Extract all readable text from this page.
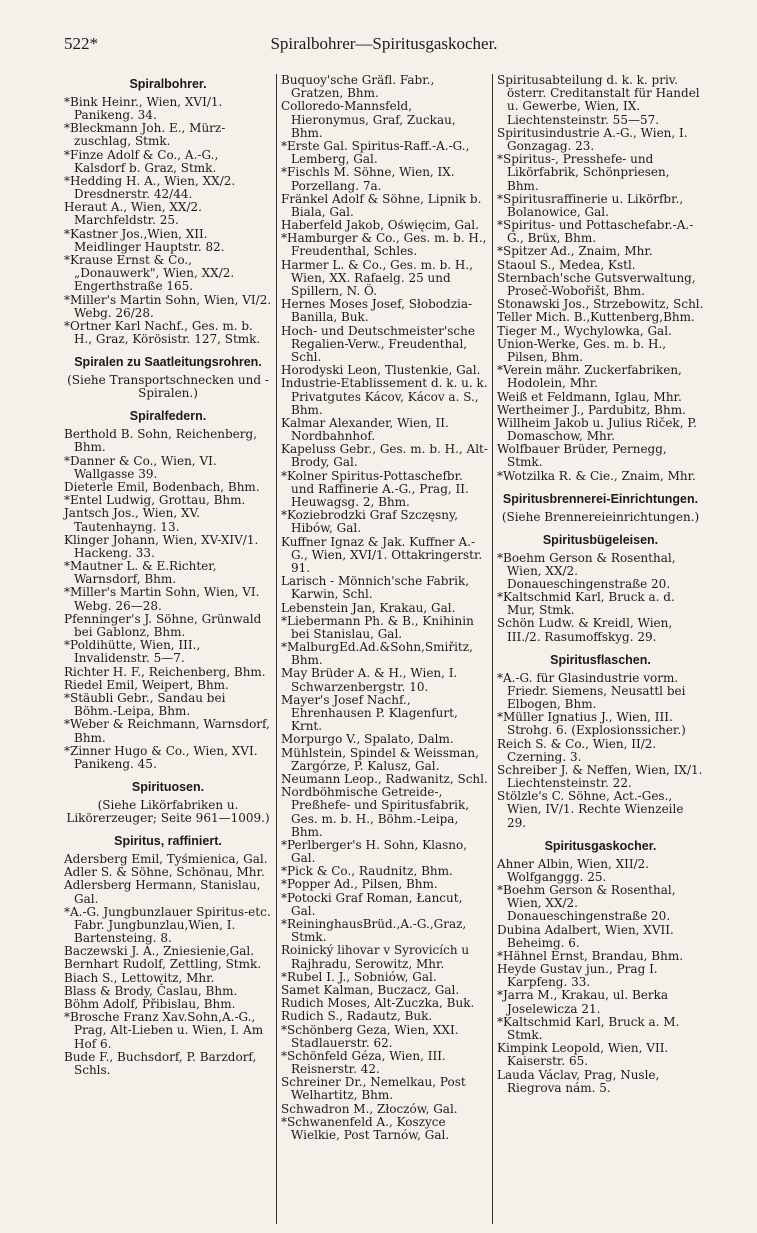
522*	Spiralbohrer—Spiritusgaskocher.

Spiralbohrer.

*Bink Heinr., Wien, XVI/1. Panikeng. 34.

*Bleckmann Joh. E., Mürz-zuschlag, Stmk.

*Finze Adolf & Co., A.-G., Kalsdorf b. Graz, Stmk.

*Hedding H. A., Wien, XX/2. Dresdnerstr. 42/44.

Heraut A., Wien, XX/2. Marchfeldstr. 25.

*Kastner Jos.,Wien, XII. Meidlinger Hauptstr. 82.

*Krause Ernst & Co., „Donauwerk", Wien, XX/2. Engerthstraße 165.

*Miller's Martin Sohn, Wien, VI/2. Webg. 26/28.

*Ortner Karl Nachf., Ges. m. b. H., Graz, Körösistr. 127, Stmk.

Spiralen zu Saatleitungsrohren.

(Siehe Transportschnecken und -Spiralen.)

Spiralfedern.

Berthold B. Sohn, Reichenberg, Bhm.

*Danner & Co., Wien, VI. Wallgasse 39.

Dieterle Emil, Bodenbach, Bhm.

*Entel Ludwig, Grottau, Bhm.

Jantsch Jos., Wien, XV. Tautenhayng. 13.

Klinger Johann, Wien, XV-XIV/1. Hackeng. 33.

*Mautner L. & E.Richter, Warnsdorf, Bhm.

*Miller's Martin Sohn, Wien, VI. Webg. 26—28.

Pfenninger's J. Söhne, Grünwald bei Gablonz, Bhm.

*Poldihütte, Wien, III., Invalidenstr. 5—7.

Richter H. F., Reichenberg, Bhm.

Riedel Emil, Weipert, Bhm.

*Stäubli Gebr., Sandau bei Böhm.-Leipa, Bhm.

*Weber & Reichmann, Warnsdorf, Bhm.

*Zinner Hugo & Co., Wien, XVI. Panikeng. 45.

Spirituosen.

(Siehe Likörfabriken u. Likörerzeuger; Seite 961—1009.)

Spiritus, raffiniert.

Adersberg Emil, Tyśmienica, Gal.

Adler S. & Söhne, Schönau, Mhr.

Adlersberg Hermann, Stanislau, Gal.

*A.-G. Jungbunzlauer Spiritus-etc. Fabr. Jungbunzlau,Wien, I. Bartensteing. 8.

Baczewski J. A., Zniesienie,Gal.

Bernhart Rudolf, Zettling, Stmk.

Biach S., Lettowitz, Mhr.

Blass & Brody, Časlau, Bhm.

Böhm Adolf, Přibislau, Bhm.

*Brosche Franz Xav.Sohn,A.-G., Prag, Alt-Lieben u. Wien, I. Am Hof 6.

Bude F., Buchsdorf, P. Barzdorf, Schls.

Buquoy'sche Gräfl. Fabr., Gratzen, Bhm.

Colloredo-Mannsfeld, Hieronymus, Graf, Zuckau, Bhm.

*Erste Gal. Spiritus-Raff.-A.-G., Lemberg, Gal.

*Fischls M. Söhne, Wien, IX. Porzellang. 7a.

Fränkel Adolf & Söhne, Lipnik b. Biala, Gal.

Haberfeld Jakob, Oświęcim, Gal.

*Hamburger & Co., Ges. m. b. H., Freudenthal, Schles.

Harmer L. & Co., Ges. m. b. H., Wien, XX. Rafaelg. 25 und Spillern, N. Ö.

Hernes Moses Josef, Słobodzia-Banilla, Buk.

Hoch- und Deutschmeister'sche Regalien-Verw., Freudenthal, Schl.

Horodyski Leon, Tlustenkie, Gal.

Industrie-Etablissement d. k. u. k. Privatgutes Kácov, Kácov a. S., Bhm.

Kalmar Alexander, Wien, II. Nordbahnhof.

Kapeluss Gebr., Ges. m. b. H., Alt-Brody, Gal.

*Kolner Spiritus-Pottaschefbr. und Raffinerie A.-G., Prag, II. Heuwagsg. 2, Bhm.

*Koziebrodzki Graf Szczęsny, Hibów, Gal.

Kuffner Ignaz & Jak. Kuffner A.-G., Wien, XVI/1. Ottakringerstr. 91.

Larisch - Mönnich'sche Fabrik, Karwin, Schl.

Lebenstein Jan, Krakau, Gal.

*Liebermann Ph. & B., Knihinin bei Stanislau, Gal.

*MalburgEd.Ad.&Sohn,Smiřitz, Bhm.

May Brüder A. & H., Wien, I. Schwarzenbergstr. 10.

Mayer's Josef Nachf., Ehrenhausen P. Klagenfurt, Krnt.

Morpurgo V., Spalato, Dalm.

Mühlstein, Spindel & Weissman, Zargórze, P. Kalusz, Gal.

Neumann Leop., Radwanitz, Schl.

Nordböhmische Getreide-, Preßhefe- und Spiritusfabrik, Ges. m. b. H., Böhm.-Leipa, Bhm.

*Perlberger's H. Sohn, Klasno, Gal.

*Pick & Co., Raudnitz, Bhm.

*Popper Ad., Pilsen, Bhm.

*Potocki Graf Roman, Łancut, Gal.

*ReininghausBrüd.,A.-G.,Graz, Stmk.

Roinický lihovar v Syrovicích u Rajhradu, Serowitz, Mhr.

*Rubel I. J., Sobniów, Gal.

Samet Kalman, Buczacz, Gal.

Rudich Moses, Alt-Zuczka, Buk.

Rudich S., Radautz, Buk.

*Schönberg Geza, Wien, XXI. Stadlauerstr. 62.

*Schönfeld Géza, Wien, III. Reisnerstr. 42.

Schreiner Dr., Nemelkau, Post Welhartitz, Bhm.

Schwadron M., Złoczów, Gal.

*Schwanenfeld A., Koszyce Wielkie, Post Tarnów, Gal.

Spiritusabteilung d. k. k. priv. österr. Creditanstalt für Handel u. Gewerbe, Wien, IX. Liechtensteinstr. 55—57.

Spiritusindustrie A.-G., Wien, I. Gonzagag. 23.

*Spiritus-, Presshefe- und Likörfabrik, Schönpriesen, Bhm.

*Spiritusraffinerie u. Likörfbr., Bolanowice, Gal.

*Spiritus- und Pottaschefabr.-A.-G., Brüx, Bhm.

*Spitzer Ad., Znaim, Mhr.

Staoul S., Medea, Kstl.

Sternbach'sche Gutsverwaltung, Proseč-Wobořišt, Bhm.

Stonawski Jos., Strzebowitz, Schl.

Teller Mich. B.,Kuttenberg,Bhm.

Tieger M., Wychylowka, Gal.

Union-Werke, Ges. m. b. H., Pilsen, Bhm.

*Verein mähr. Zuckerfabriken, Hodolein, Mhr.

Weiß et Feldmann, Iglau, Mhr.

Wertheimer J., Pardubitz, Bhm.

Willheim Jakob u. Julius Riček, P. Domaschow, Mhr.

Wolfbauer Brüder, Pernegg, Stmk.

*Wotzilka R. & Cie., Znaim, Mhr.

Spiritusbrennerei-Einrichtungen.

(Siehe Brennereieinrichtungen.)

Spiritusbügeleisen.

*Boehm Gerson & Rosenthal, Wien, XX/2. Donaueschingenstraße 20.

*Kaltschmid Karl, Bruck a. d. Mur, Stmk.

Schön Ludw. & Kreidl, Wien, III./2. Rasumoffskyg. 29.

Spiritusflaschen.

*A.-G. für Glasindustrie vorm. Friedr. Siemens, Neusattl bei Elbogen, Bhm.

*Müller Ignatius J., Wien, III. Strohg. 6. (Explosionssicher.)

Reich S. & Co., Wien, II/2. Czerning. 3.

Schreiber J. & Neffen, Wien, IX/1. Liechtensteinstr. 22.

Stölzle's C. Söhne, Act.-Ges., Wien, IV/1. Rechte Wienzeile 29.

Spiritusgaskocher.

Ahner Albin, Wien, XII/2. Wolfganggg. 25.

*Boehm Gerson & Rosenthal, Wien, XX/2. Donaueschingenstraße 20.

Dubina Adalbert, Wien, XVII. Beheimg. 6.

*Hähnel Ernst, Brandau, Bhm.

Heyde Gustav jun., Prag I. Karpfeng. 33.

*Jarra M., Krakau, ul. Berka Joselewicza 21.

*Kaltschmid Karl, Bruck a. M. Stmk.

Kimpink Leopold, Wien, VII. Kaiserstr. 65.

Lauda Václav, Prag, Nusle, Riegrova nám. 5.
